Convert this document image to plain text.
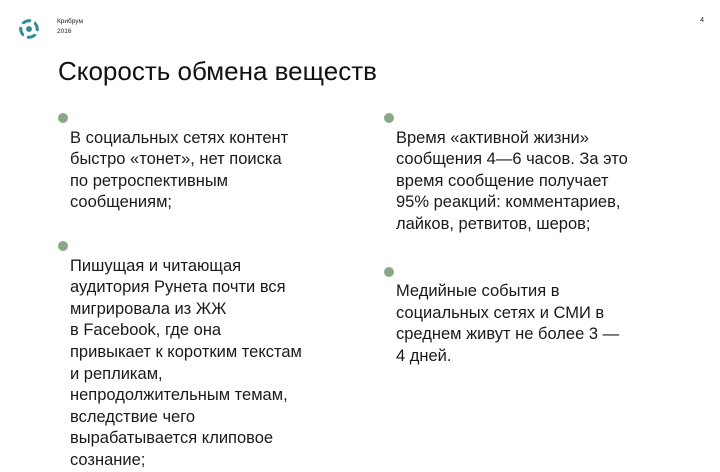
Крибрум
2016
4
Скорость обмена веществ

В социальных сетях контент
быстро «тонет», нет поиска
по ретроспективным
сообщениям;

Пишущая и читающая
аудитория Рунета почти вся
мигрировала из ЖЖ
в Facebook, где она
привыкает к коротким текстам
и репликам,
непродолжительным темам,
вследствие чего
вырабатывается клиповое
сознание;

Время «активной жизни»
сообщения 4—6 часов. За это
время сообщение получает
95% реакций: комментариев,
лайков, ретвитов, шеров;

Медийные события в
социальных сетях и СМИ в
среднем живут не более 3 —
4 дней.
